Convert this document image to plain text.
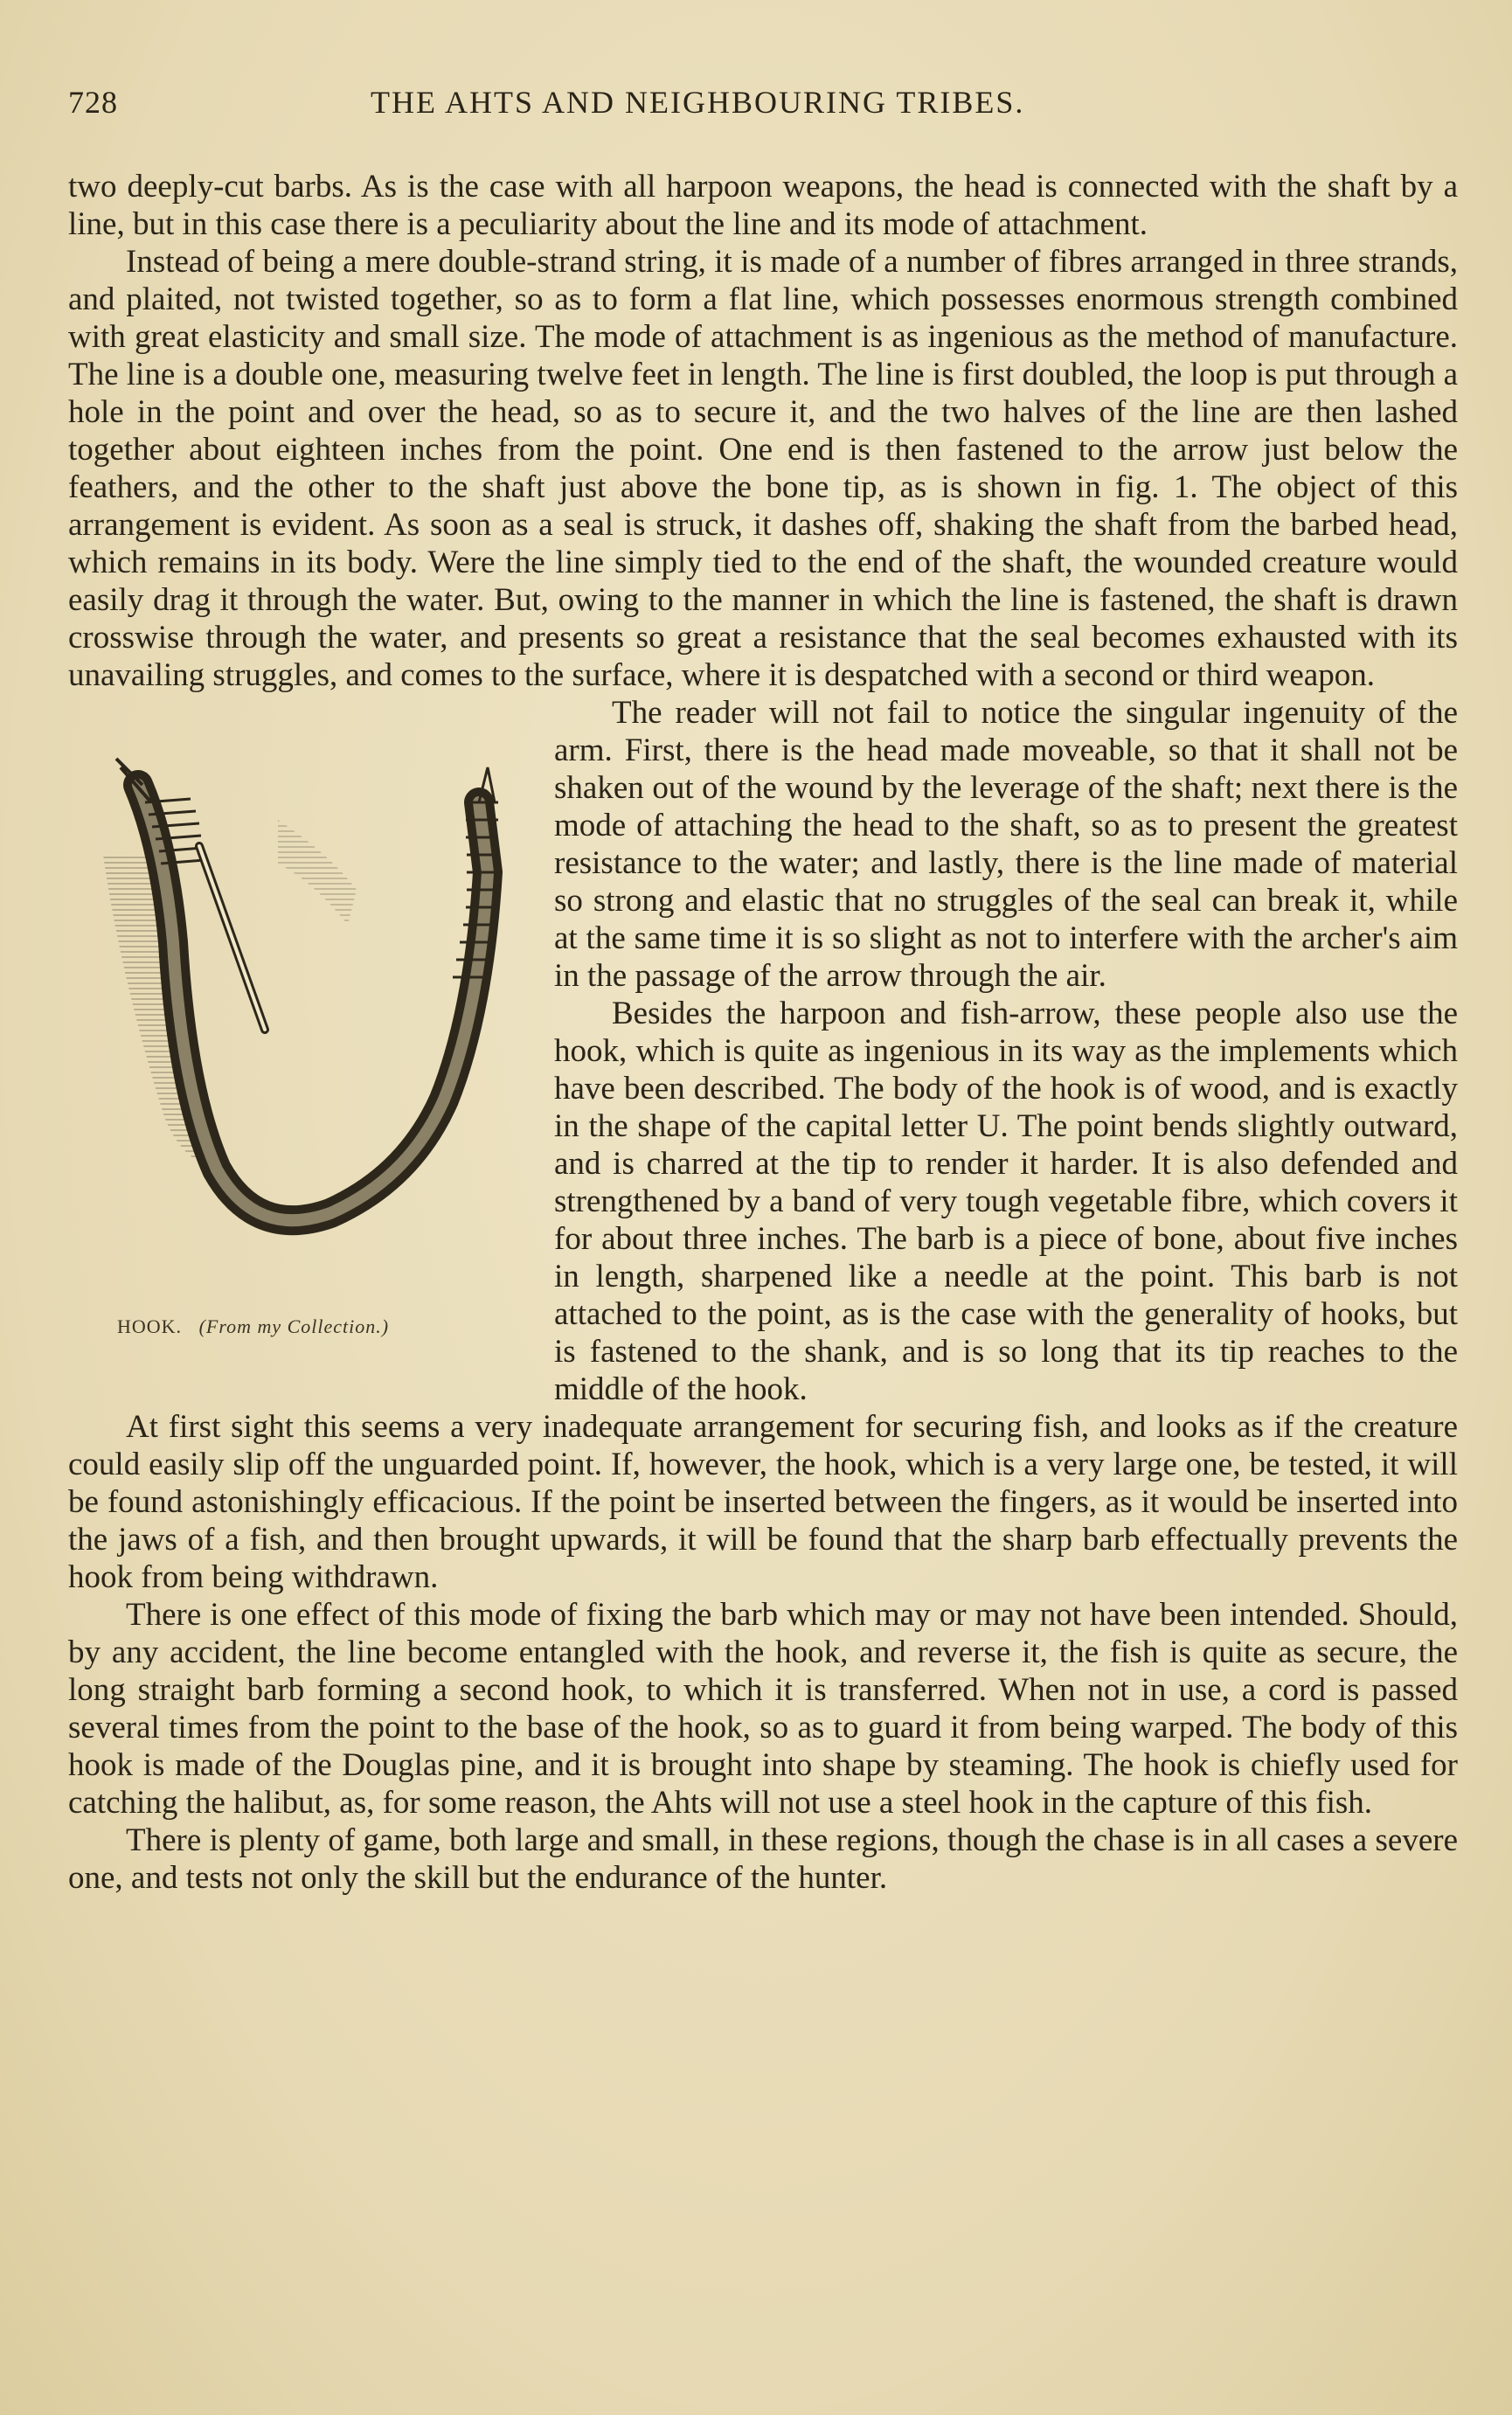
728	THE AHTS AND NEIGHBOURING TRIBES.

two deeply-cut barbs. As is the case with all harpoon weapons, the head is connected with the shaft by a line, but in this case there is a peculiarity about the line and its mode of attachment.

Instead of being a mere double-strand string, it is made of a number of fibres arranged in three strands, and plaited, not twisted together, so as to form a flat line, which possesses enormous strength combined with great elasticity and small size. The mode of attachment is as ingenious as the method of manufacture. The line is a double one, measuring twelve feet in length. The line is first doubled, the loop is put through a hole in the point and over the head, so as to secure it, and the two halves of the line are then lashed together about eighteen inches from the point. One end is then fastened to the arrow just below the feathers, and the other to the shaft just above the bone tip, as is shown in fig. 1. The object of this arrangement is evident. As soon as a seal is struck, it dashes off, shaking the shaft from the barbed head, which remains in its body. Were the line simply tied to the end of the shaft, the wounded creature would easily drag it through the water. But, owing to the manner in which the line is fastened, the shaft is drawn crosswise through the water, and presents so great a resistance that the seal becomes exhausted with its unavailing struggles, and comes to the surface, where it is despatched with a second or third weapon.

HOOK. (From my Collection.)

The reader will not fail to notice the singular ingenuity of the arm. First, there is the head made moveable, so that it shall not be shaken out of the wound by the leverage of the shaft; next there is the mode of attaching the head to the shaft, so as to present the greatest resistance to the water; and lastly, there is the line made of material so strong and elastic that no struggles of the seal can break it, while at the same time it is so slight as not to interfere with the archer's aim in the passage of the arrow through the air.

Besides the harpoon and fish-arrow, these people also use the hook, which is quite as ingenious in its way as the implements which have been described. The body of the hook is of wood, and is exactly in the shape of the capital letter U. The point bends slightly outward, and is charred at the tip to render it harder. It is also defended and strengthened by a band of very tough vegetable fibre, which covers it for about three inches. The barb is a piece of bone, about five inches in length, sharpened like a needle at the point. This barb is not attached to the point, as is the case with the generality of hooks, but is fastened to the shank, and is so long that its tip reaches to the middle of the hook.

At first sight this seems a very inadequate arrangement for securing fish, and looks as if the creature could easily slip off the unguarded point. If, however, the hook, which is a very large one, be tested, it will be found astonishingly efficacious. If the point be inserted between the fingers, as it would be inserted into the jaws of a fish, and then brought upwards, it will be found that the sharp barb effectually prevents the hook from being withdrawn.

There is one effect of this mode of fixing the barb which may or may not have been intended. Should, by any accident, the line become entangled with the hook, and reverse it, the fish is quite as secure, the long straight barb forming a second hook, to which it is transferred. When not in use, a cord is passed several times from the point to the base of the hook, so as to guard it from being warped. The body of this hook is made of the Douglas pine, and it is brought into shape by steaming. The hook is chiefly used for catching the halibut, as, for some reason, the Ahts will not use a steel hook in the capture of this fish.

There is plenty of game, both large and small, in these regions, though the chase is in all cases a severe one, and tests not only the skill but the endurance of the hunter.
